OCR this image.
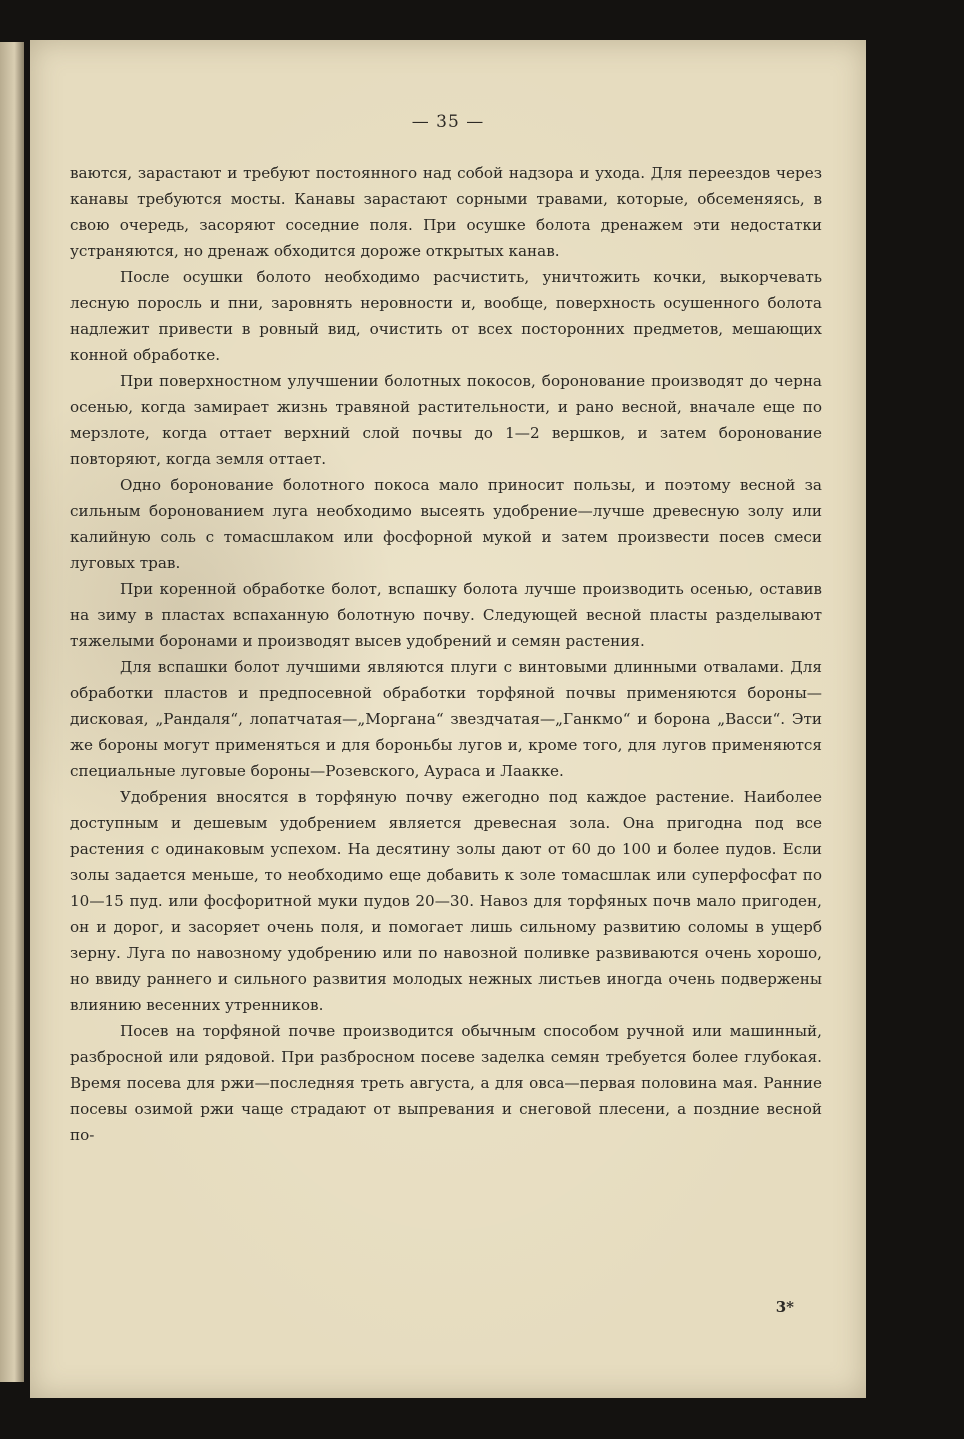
— 35 —

ваются, зарастают и требуют постоянного над собой надзора и ухода. Для переездов через канавы требуются мосты. Канавы зарастают сорными травами, которые, обсеменяясь, в свою очередь, засоряют соседние поля. При осушке болота дренажем эти недостатки устраняются, но дренаж обходится дороже открытых канав.

После осушки болото необходимо расчистить, уничтожить кочки, выкорчевать лесную поросль и пни, заровнять неровности и, вообще, поверхность осушенного болота надлежит привести в ровный вид, очистить от всех посторонних предметов, мешающих конной обработке.

При поверхностном улучшении болотных покосов, боронование производят до черна осенью, когда замирает жизнь травяной растительности, и рано весной, вначале еще по мерзлоте, когда оттает верхний слой почвы до 1—2 вершков, и затем боронование повторяют, когда земля оттает.

Одно боронование болотного покоса мало приносит пользы, и поэтому весной за сильным боронованием луга необходимо высеять удобрение—лучше древесную золу или калийную соль с томасшлаком или фосфорной мукой и затем произвести посев смеси луговых трав.

При коренной обработке болот, вспашку болота лучше производить осенью, оставив на зиму в пластах вспаханную болотную почву. Следующей весной пласты разделывают тяжелыми боронами и производят высев удобрений и семян растения.

Для вспашки болот лучшими являются плуги с винтовыми длинными отвалами. Для обработки пластов и предпосевной обработки торфяной почвы применяются бороны—дисковая, „Рандаля“, лопатчатая—„Моргана“ звездчатая—„Ганкмо“ и борона „Васси“. Эти же бороны могут применяться и для бороньбы лугов и, кроме того, для лугов применяются специальные луговые бороны—Розевского, Aураса и Лаакке.

Удобрения вносятся в торфяную почву ежегодно под каждое растение. Наиболее доступным и дешевым удобрением является древесная зола. Она пригодна под все растения с одинаковым успехом. На десятину золы дают от 60 до 100 и более пудов. Если золы задается меньше, то необходимо еще добавить к золе томасшлак или суперфосфат по 10—15 пуд. или фосфоритной муки пудов 20—30. Навоз для торфяных почв мало пригоден, он и дорог, и засоряет очень поля, и помогает лишь сильному развитию соломы в ущерб зерну. Луга по навозному удобрению или по навозной поливке развиваются очень хорошо, но ввиду раннего и сильного развития молодых нежных листьев иногда очень подвержены влиянию весенних утренников.

Посев на торфяной почве производится обычным способом ручной или машинный, разбросной или рядовой. При разбросном посеве заделка семян требуется более глубокая. Время посева для ржи—последняя треть августа, а для овса—первая половина мая. Ранние посевы озимой ржи чаще страдают от выпревания и снеговой плесени, а поздние весной по-

3*
